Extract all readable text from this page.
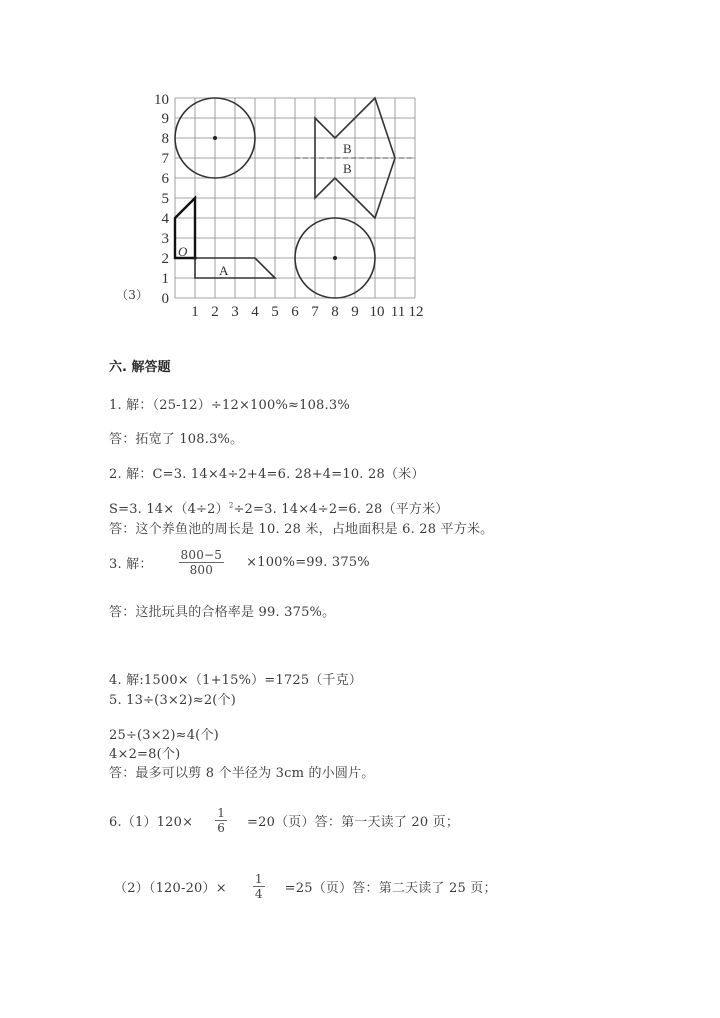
（3）
A
O
B
B
0
1
2
3
4
5
6
7
8
9
10
1 2 3 4 5 6 7 8 9 10 11 12
六. 解答题
1. 解：（25-12）÷12×100%≈108.3%
答：拓宽了 108.3%。
2. 解：C=3. 14×4÷2+4=6. 28+4=10. 28（米）
S=3. $14\times(4\div 2)^2\div 2=3$. 14×4÷2=6. 28（平方米）
答：这个养鱼池的周长是 10. 28 米，占地面积是 6. 28 平方米。
3. 解： $\frac{800-5}{800} \times 100\%=99$. 375%
答：这批玩具的合格率是 99. 375%。
4. 解:1500×（1+15%）=1725（千克）
5. 13÷(3×2)≈2(个)
25÷(3×2)≈4(个)
4×2=8(个)
答：最多可以剪 8 个半径为 3cm 的小圆片。
$6.(1)120\times \frac{1}{6} =20$（页）答：第一天读了 20 页；
$(2)(120-20)\times \frac{1}{4} =25$（页）答：第二天读了 25 页；
